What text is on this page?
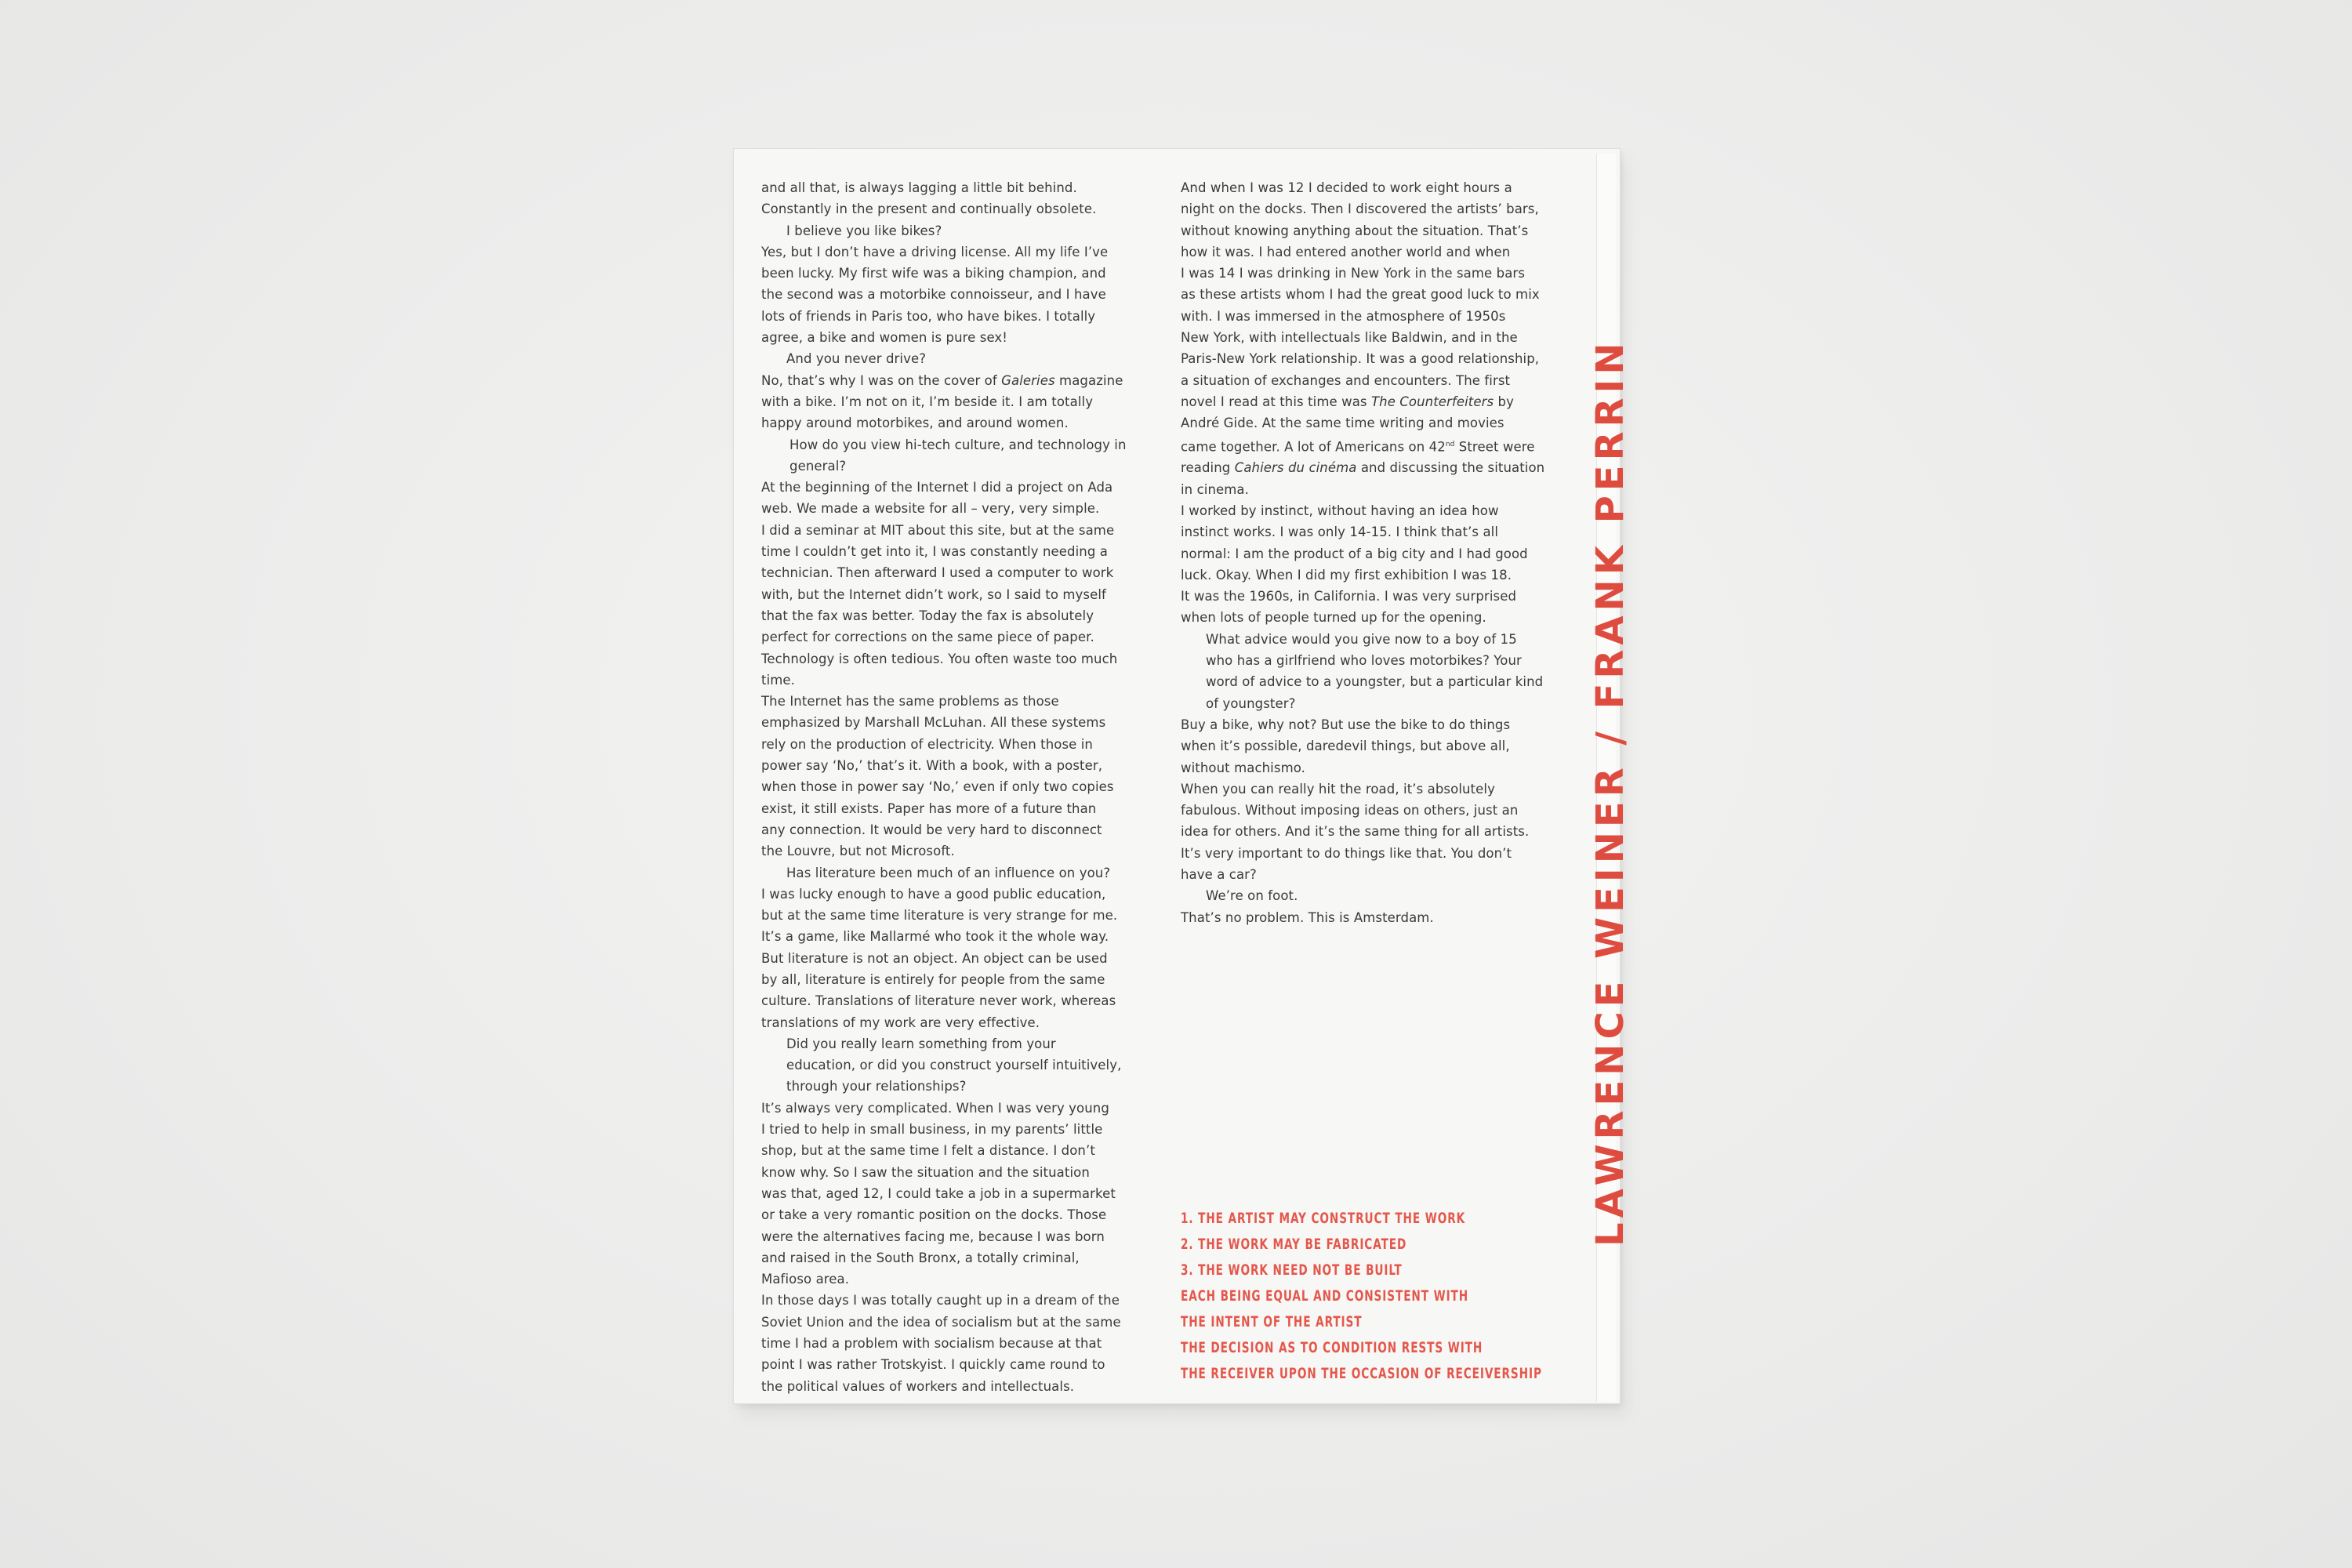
and all that, is always lagging a little bit behind.

Constantly in the present and continually obsolete.

I believe you like bikes?

Yes, but I don’t have a driving license. All my life I’ve

been lucky. My first wife was a biking champion, and

the second was a motorbike connoisseur, and I have

lots of friends in Paris too, who have bikes. I totally

agree, a bike and women is pure sex!

And you never drive?

No, that’s why I was on the cover of Galeries magazine

with a bike. I’m not on it, I’m beside it. I am totally

happy around motorbikes, and around women.

How do you view hi-tech culture, and technology in

general?

At the beginning of the Internet I did a project on Ada

web. We made a website for all – very, very simple.

I did a seminar at MIT about this site, but at the same

time I couldn’t get into it, I was constantly needing a

technician. Then afterward I used a computer to work

with, but the Internet didn’t work, so I said to myself

that the fax was better. Today the fax is absolutely

perfect for corrections on the same piece of paper.

Technology is often tedious. You often waste too much

time.

The Internet has the same problems as those

emphasized by Marshall McLuhan. All these systems

rely on the production of electricity. When those in

power say ‘No,’ that’s it. With a book, with a poster,

when those in power say ‘No,’ even if only two copies

exist, it still exists. Paper has more of a future than

any connection. It would be very hard to disconnect

the Louvre, but not Microsoft.

Has literature been much of an influence on you?

I was lucky enough to have a good public education,

but at the same time literature is very strange for me.

It’s a game, like Mallarmé who took it the whole way.

But literature is not an object. An object can be used

by all, literature is entirely for people from the same

culture. Translations of literature never work, whereas

translations of my work are very effective.

Did you really learn something from your

education, or did you construct yourself intuitively,

through your relationships?

It’s always very complicated. When I was very young

I tried to help in small business, in my parents’ little

shop, but at the same time I felt a distance. I don’t

know why. So I saw the situation and the situation

was that, aged 12, I could take a job in a supermarket

or take a very romantic position on the docks. Those

were the alternatives facing me, because I was born

and raised in the South Bronx, a totally criminal,

Mafioso area.

In those days I was totally caught up in a dream of the

Soviet Union and the idea of socialism but at the same

time I had a problem with socialism because at that

point I was rather Trotskyist. I quickly came round to

the political values of workers and intellectuals.

And when I was 12 I decided to work eight hours a

night on the docks. Then I discovered the artists’ bars,

without knowing anything about the situation. That’s

how it was. I had entered another world and when

I was 14 I was drinking in New York in the same bars

as these artists whom I had the great good luck to mix

with. I was immersed in the atmosphere of 1950s

New York, with intellectuals like Baldwin, and in the

Paris-New York relationship. It was a good relationship,

a situation of exchanges and encounters. The first

novel I read at this time was The Counterfeiters by

André Gide. At the same time writing and movies

came together. A lot of Americans on 42nd Street were

reading Cahiers du cinéma and discussing the situation

in cinema.

I worked by instinct, without having an idea how

instinct works. I was only 14-15. I think that’s all

normal: I am the product of a big city and I had good

luck. Okay. When I did my first exhibition I was 18.

It was the 1960s, in California. I was very surprised

when lots of people turned up for the opening.

What advice would you give now to a boy of 15

who has a girlfriend who loves motorbikes? Your

word of advice to a youngster, but a particular kind

of youngster?

Buy a bike, why not? But use the bike to do things

when it’s possible, daredevil things, but above all,

without machismo.

When you can really hit the road, it’s absolutely

fabulous. Without imposing ideas on others, just an

idea for others. And it’s the same thing for all artists.

It’s very important to do things like that. You don’t

have a car?

We’re on foot.

That’s no problem. This is Amsterdam.

1. THE ARTIST MAY CONSTRUCT THE WORK

2. THE WORK MAY BE FABRICATED

3. THE WORK NEED NOT BE BUILT

EACH BEING EQUAL AND CONSISTENT WITH

THE INTENT OF THE ARTIST

THE DECISION AS TO CONDITION RESTS WITH

THE RECEIVER UPON THE OCCASION OF RECEIVERSHIP

LAWRENCE WEINER / FRANK PERRIN
